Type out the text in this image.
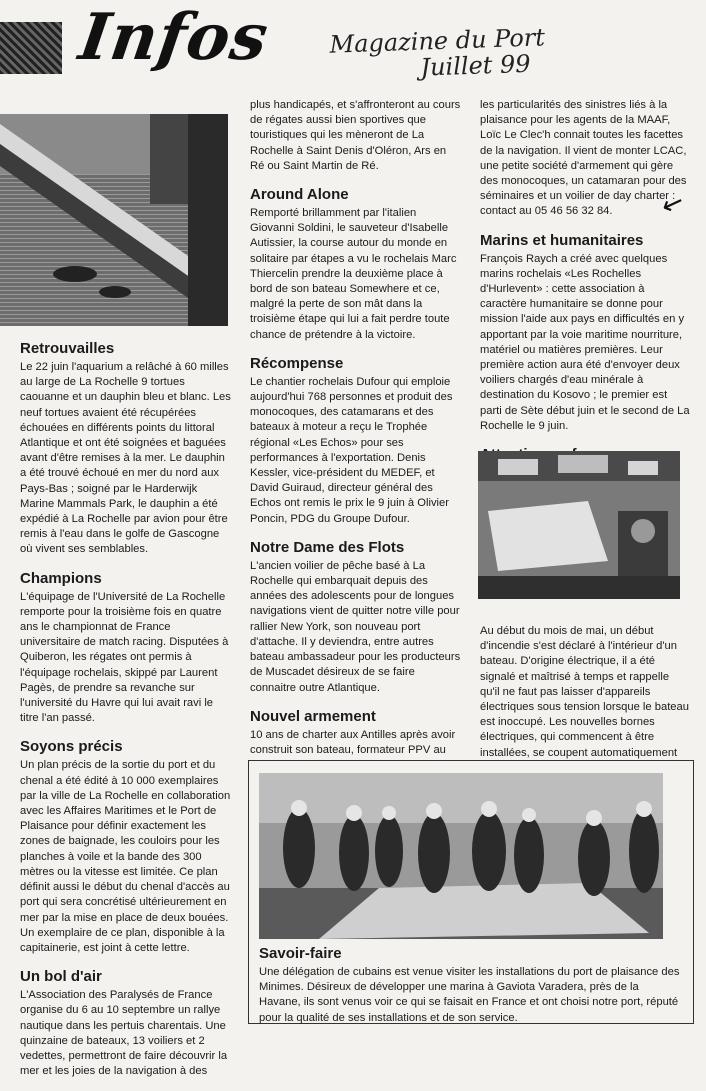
Infos Magazine du Port
Juillet 99
Retrouvailles

Le 22 juin l'aquarium a relâché à 60 milles au large de La Rochelle 9 tortues caouanne et un dauphin bleu et blanc. Les neuf tortues avaient été récupérées échouées en différents points du littoral Atlantique et ont été soignées et baguées avant d'être remises à la mer. Le dauphin a été trouvé échoué en mer du nord aux Pays-Bas ; soigné par le Harderwijk Marine Mammals Park, le dauphin a été expédié à La Rochelle par avion pour être remis à l'eau dans le golfe de Gascogne où vivent ses semblables.

Champions

L'équipage de l'Université de La Rochelle remporte pour la troisième fois en quatre ans le championnat de France universitaire de match racing. Disputées à Quiberon, les régates ont permis à l'équipage rochelais, skippé par Laurent Pagès, de prendre sa revanche sur l'université du Havre qui lui avait ravi le titre l'an passé.

Soyons précis

Un plan précis de la sortie du port et du chenal a été édité à 10 000 exemplaires par la ville de La Rochelle en collaboration avec les Affaires Maritimes et le Port de Plaisance pour définir exactement les zones de baignade, les couloirs pour les planches à voile et la bande des 300 mètres ou la vitesse est limitée. Ce plan définit aussi le début du chenal d'accès au port qui sera concrétisé ultérieurement en mer par la mise en place de deux bouées. Un exemplaire de ce plan, disponible à la capitainerie, est joint à cette lettre.

Un bol d'air

L'Association des Paralysés de France organise du 6 au 10 septembre un rallye nautique dans les pertuis charentais. Une quinzaine de bateaux, 13 voiliers et 2 vedettes, permettront de faire découvrir la mer et les joies de la navigation à des

plus handicapés, et s'affronteront au cours de régates aussi bien sportives que touristiques qui les mèneront de La Rochelle à Saint Denis d'Oléron, Ars en Ré ou Saint Martin de Ré.

Around Alone

Remporté brillamment par l'italien Giovanni Soldini, le sauveteur d'Isabelle Autissier, la course autour du monde en solitaire par étapes a vu le rochelais Marc Thiercelin prendre la deuxième place à bord de son bateau Somewhere et ce, malgré la perte de son mât dans la troisième étape qui lui a fait perdre toute chance de prétendre à la victoire.

Récompense

Le chantier rochelais Dufour qui emploie aujourd'hui 768 personnes et produit des monocoques, des catamarans et des bateaux à moteur a reçu le Trophée régional «Les Echos» pour ses performances à l'exportation. Denis Kessler, vice-président du MEDEF, et David Guiraud, directeur général des Echos ont remis le prix le 9 juin à Olivier Poncin, PDG du Groupe Dufour.

Notre Dame des Flots

L'ancien voilier de pêche basé à La Rochelle qui embarquait depuis des années des adolescents pour de longues navigations vient de quitter notre ville pour rallier New York, son nouveau port d'attache. Il y deviendra, entre autres bateau ambassadeur pour les producteurs de Muscadet désireux de se faire connaitre outre Atlantique.

Nouvel armement

10 ans de charter aux Antilles après avoir construit son bateau, formateur PPV au

les particularités des sinistres liés à la plaisance pour les agents de la MAAF, Loïc Le Clec'h connait toutes les facettes de la navigation. Il vient de monter LCAC, une petite société d'armement qui gère des monocoques, un catamaran pour des séminaires et un voilier de day charter : contact au 05 46 56 32 84.

Marins et humanitaires

François Raych a créé avec quelques marins rochelais «Les Rochelles d'Hurlevent» : cette association à caractère humanitaire se donne pour mission l'aide aux pays en difficultés en y apportant par la voie maritime nourriture, matériel ou matières premières. Leur première action aura été d'envoyer deux voiliers chargés d'eau minérale à destination du Kosovo ; le premier est parti de Sète début juin et le second de La Rochelle le 9 juin.

Au début du mois de mai, un début d'incendie s'est déclaré à l'intérieur d'un bateau. D'origine électrique, il a été signalé et maîtrisé à temps et rappelle qu'il ne faut pas laisser d'appareils électriques sous tension lorsque le bateau est inoccupé. Les nouvelles bornes électriques, qui commencent à être installées, se coupent automatiquement

↙
Savoir-faire

Une délégation de cubains est venue visiter les installations du port de plaisance des Minimes. Désireux de développer une marina à Gaviota Varadera, près de la Havane, ils sont venus voir ce qui se faisait en France et ont choisi notre port, réputé pour la qualité de ses installations et de son service.
